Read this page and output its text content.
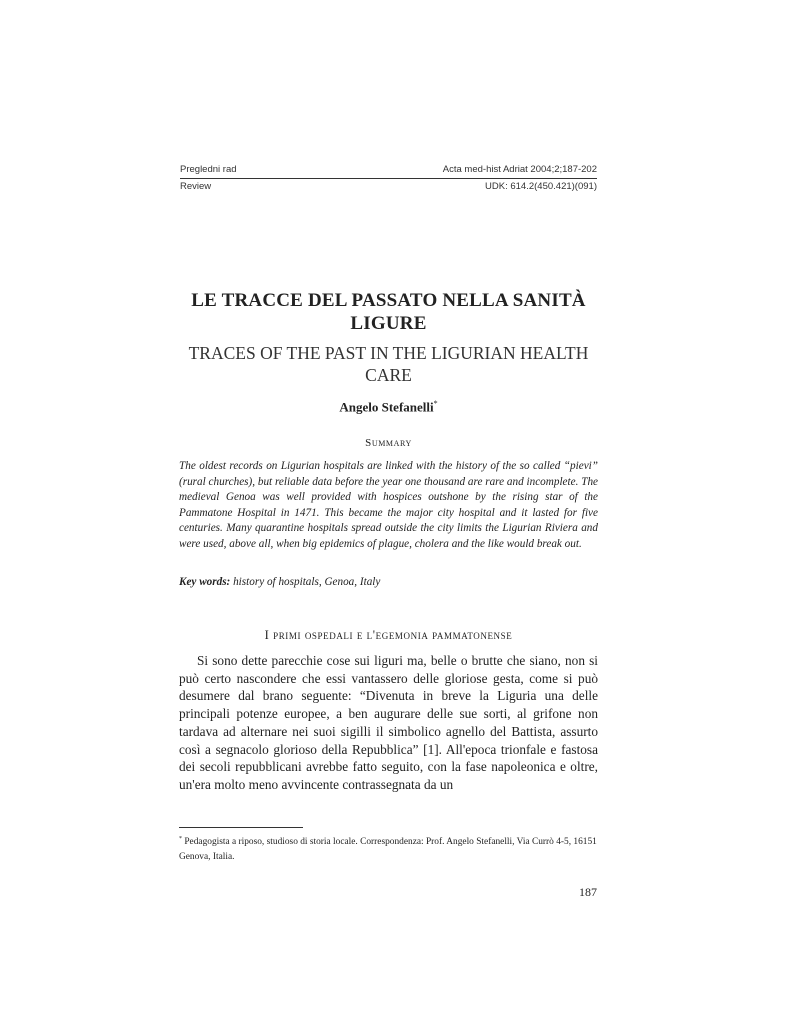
Pregledni rad	Acta med-hist Adriat 2004;2;187-202
Review	UDK: 614.2(450.421)(091)
LE TRACCE DEL PASSATO NELLA SANITÀ
LIGURE
TRACES OF THE PAST IN THE LIGURIAN HEALTH
CARE
Angelo Stefanelli*
Summary

The oldest records on Ligurian hospitals are linked with the history of the so called “pievi” (rural churches), but reliable data before the year one thousand are rare and incomplete. The medieval Genoa was well provided with hospices outshone by the rising star of the Pammatone Hospital in 1471. This became the major city hospital and it lasted for five centuries. Many quarantine hospitals spread outside the city limits the Ligurian Riviera and were used, above all, when big epidemics of plague, cholera and the like would break out.

Key words: history of hospitals, Genoa, Italy

I primi ospedali e l'egemonia pammatonense

Si sono dette parecchie cose sui liguri ma, belle o brutte che siano, non si può certo nascondere che essi vantassero delle gloriose gesta, come si può desumere dal brano seguente: “Divenuta in breve la Liguria una delle principali potenze europee, a ben augurare delle sue sorti, al grifone non tardava ad alternare nei suoi sigilli il simbolico agnello del Battista, assurto così a segnacolo glorioso della Repubblica” [1]. All'epoca trionfale e fastosa dei secoli repubblicani avrebbe fatto seguito, con la fase napoleonica e oltre, un'era molto meno avvincente contrassegnata da un

* Pedagogista a riposo, studioso di storia locale. Correspondenza: Prof. Angelo Stefanelli, Via Currò 4-5, 16151 Genova, Italia.

187
